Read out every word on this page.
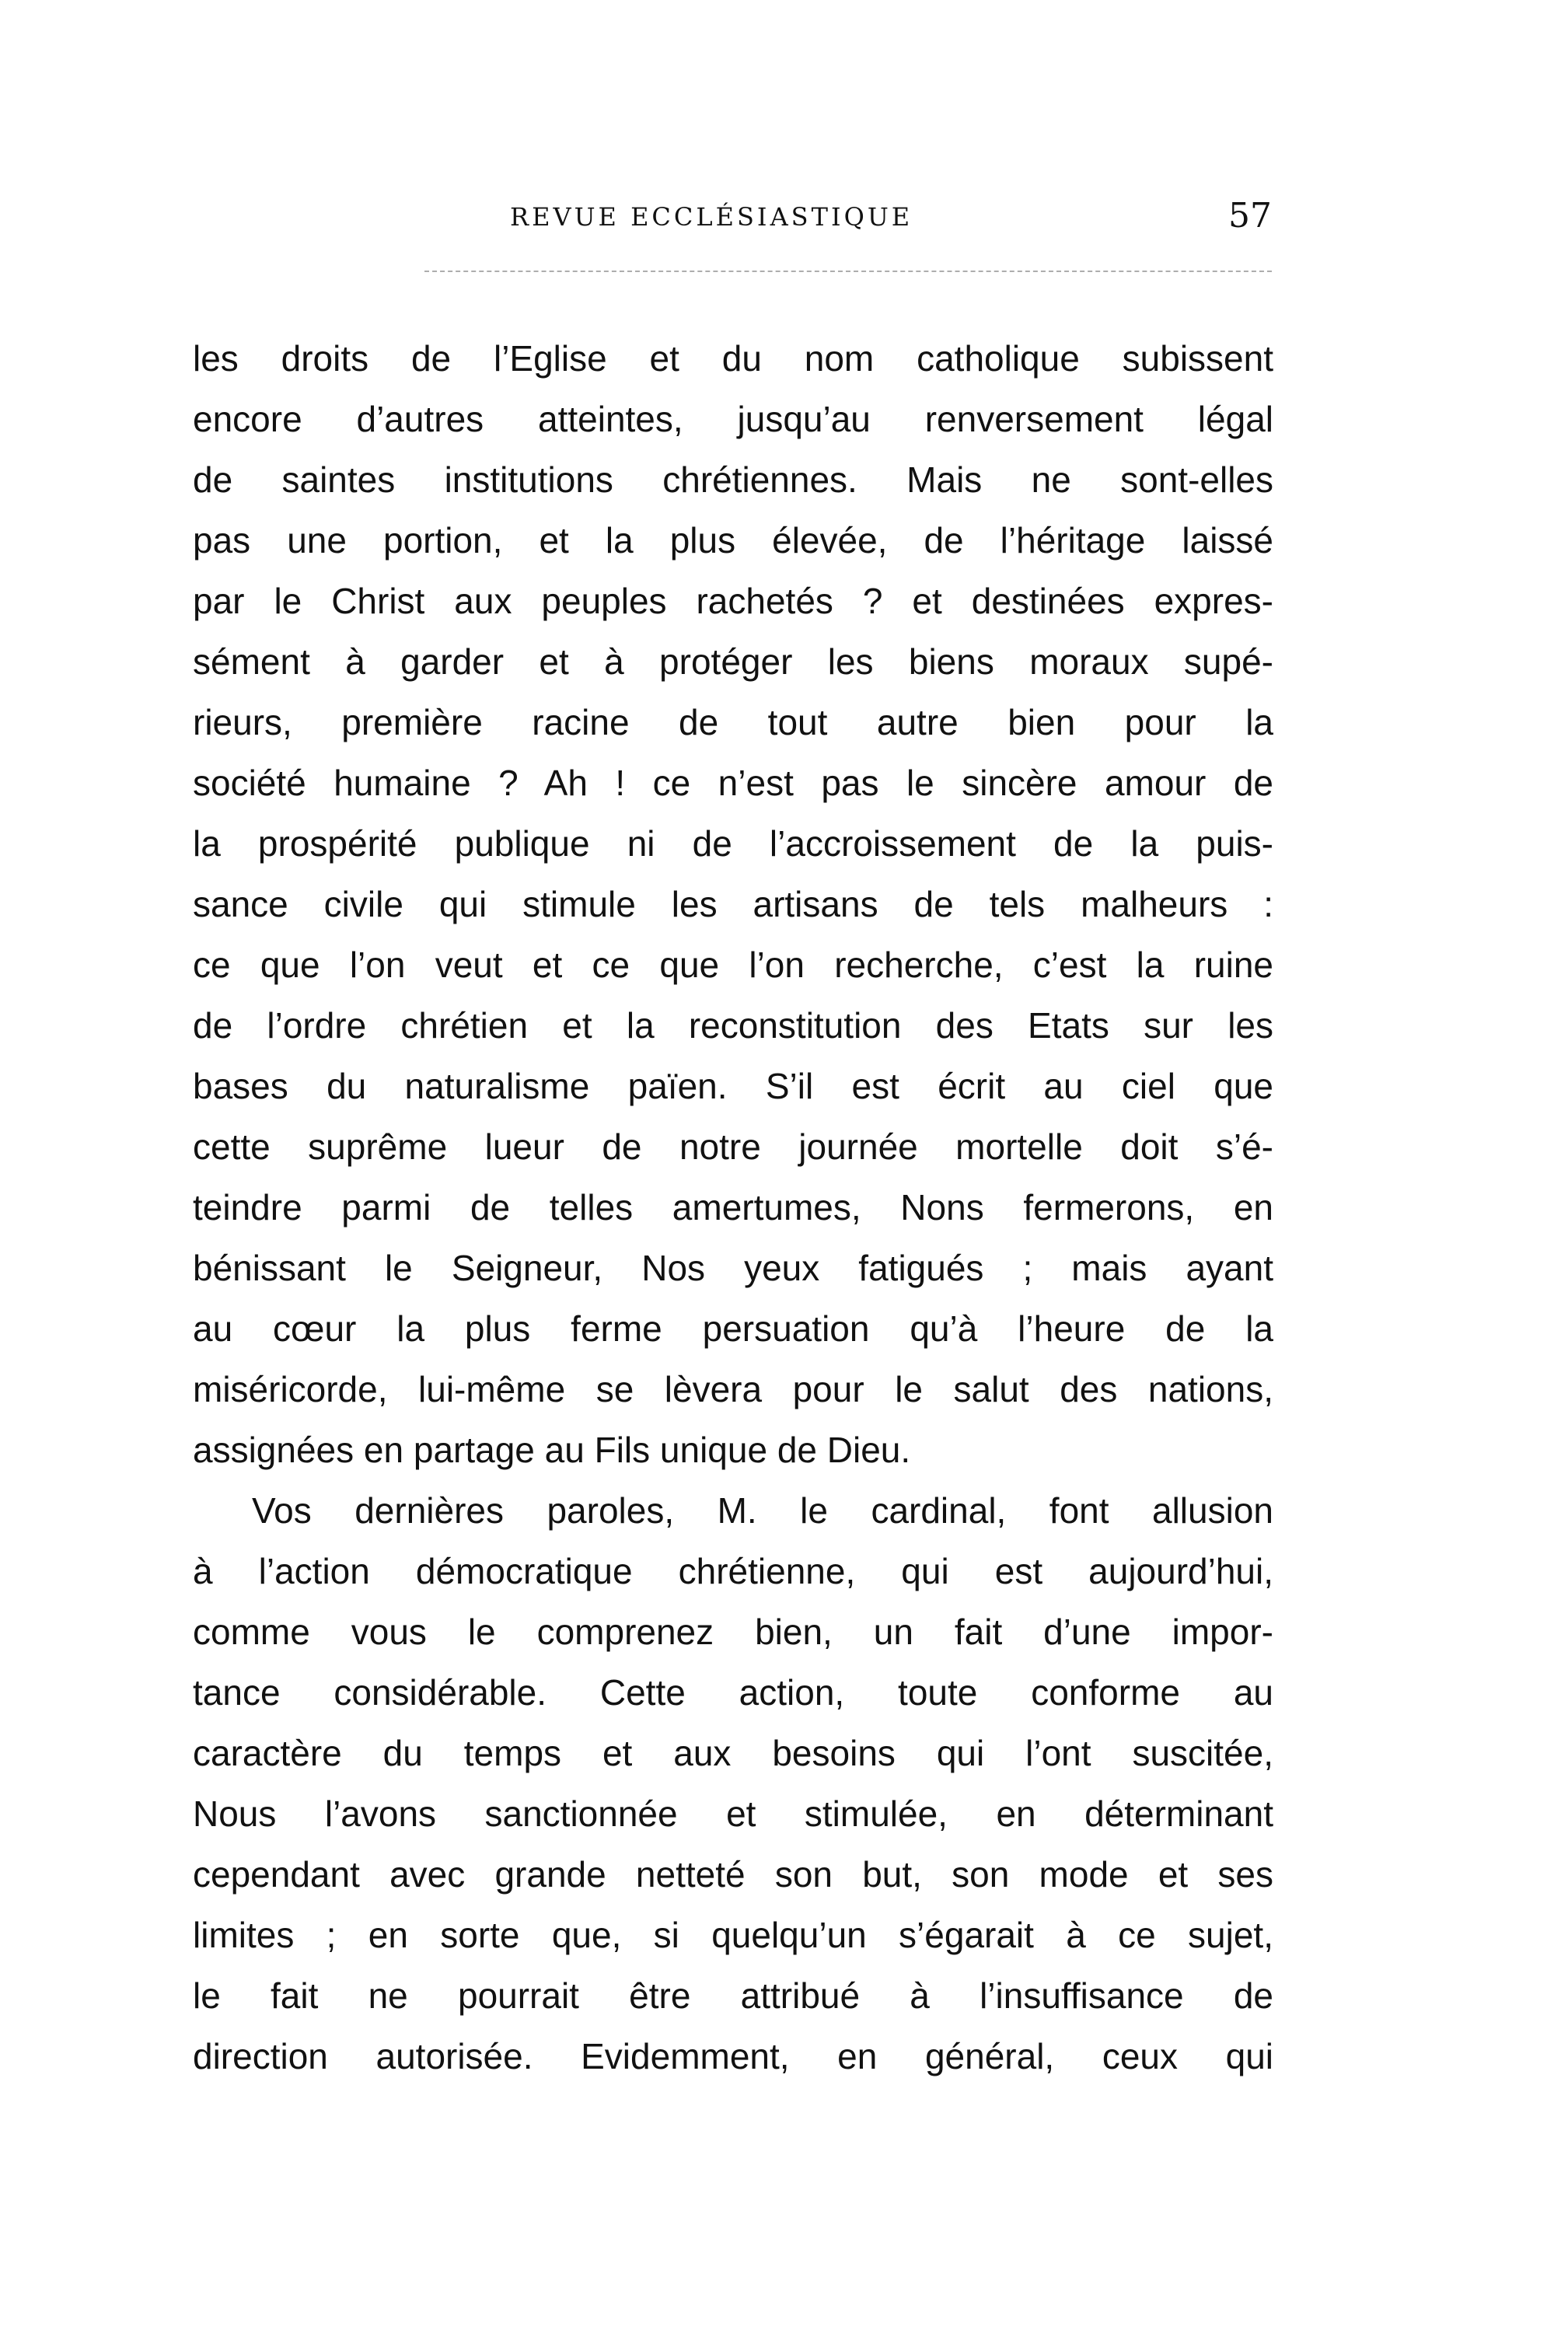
REVUE ECCLÉSIASTIQUE	57

les droits de l’Eglise et du nom catholique subissent
encore d’autres atteintes, jusqu’au renversement légal
de saintes institutions chrétiennes. Mais ne sont-elles
pas une portion, et la plus élevée, de l’héritage laissé
par le Christ aux peuples rachetés ? et destinées expres-
sément à garder et à protéger les biens moraux supé-
rieurs, première racine de tout autre bien pour la
société humaine ? Ah ! ce n’est pas le sincère amour de
la prospérité publique ni de l’accroissement de la puis-
sance civile qui stimule les artisans de tels malheurs :
ce que l’on veut et ce que l’on recherche, c’est la ruine
de l’ordre chrétien et la reconstitution des Etats sur les
bases du naturalisme païen. S’il est écrit au ciel que
cette suprême lueur de notre journée mortelle doit s’é-
teindre parmi de telles amertumes, Nons fermerons, en
bénissant le Seigneur, Nos yeux fatigués ; mais ayant
au cœur la plus ferme persuation qu’à l’heure de la
miséricorde, lui-même se lèvera pour le salut des nations,
assignées en partage au Fils unique de Dieu.

Vos dernières paroles, M. le cardinal, font allusion
à l’action démocratique chrétienne, qui est aujourd’hui,
comme vous le comprenez bien, un fait d’une impor-
tance considérable. Cette action, toute conforme au
caractère du temps et aux besoins qui l’ont suscitée,
Nous l’avons sanctionnée et stimulée, en déterminant
cependant avec grande netteté son but, son mode et ses
limites ; en sorte que, si quelqu’un s’égarait à ce sujet,
le fait ne pourrait être attribué à l’insuffisance de
direction autorisée. Evidemment, en général, ceux qui
